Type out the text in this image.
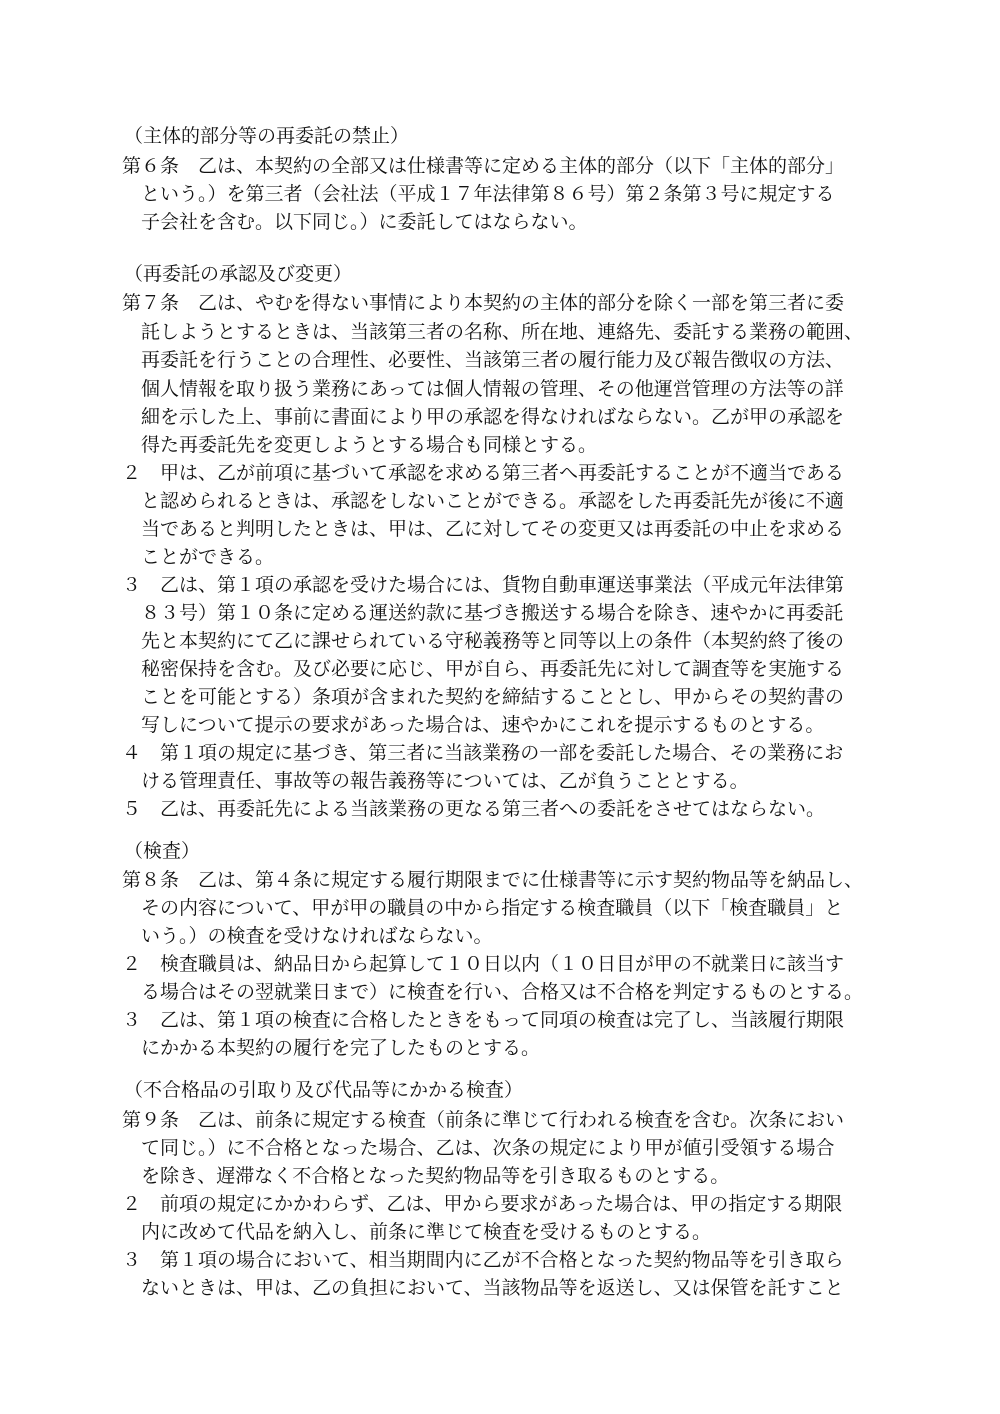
（主体的部分等の再委託の禁止）
第６条　乙は、本契約の全部又は仕様書等に定める主体的部分（以下「主体的部分」
という。）を第三者（会社法（平成１７年法律第８６号）第２条第３号に規定する
子会社を含む。以下同じ。）に委託してはならない。
（再委託の承認及び変更）
第７条　乙は、やむを得ない事情により本契約の主体的部分を除く一部を第三者に委
託しようとするときは、当該第三者の名称、所在地、連絡先、委託する業務の範囲、
再委託を行うことの合理性、必要性、当該第三者の履行能力及び報告徴収の方法、
個人情報を取り扱う業務にあっては個人情報の管理、その他運営管理の方法等の詳
細を示した上、事前に書面により甲の承認を得なければならない。乙が甲の承認を
得た再委託先を変更しようとする場合も同様とする。
２　甲は、乙が前項に基づいて承認を求める第三者へ再委託することが不適当である
と認められるときは、承認をしないことができる。承認をした再委託先が後に不適
当であると判明したときは、甲は、乙に対してその変更又は再委託の中止を求める
ことができる。
３　乙は、第１項の承認を受けた場合には、貨物自動車運送事業法（平成元年法律第
８３号）第１０条に定める運送約款に基づき搬送する場合を除き、速やかに再委託
先と本契約にて乙に課せられている守秘義務等と同等以上の条件（本契約終了後の
秘密保持を含む。及び必要に応じ、甲が自ら、再委託先に対して調査等を実施する
ことを可能とする）条項が含まれた契約を締結することとし、甲からその契約書の
写しについて提示の要求があった場合は、速やかにこれを提示するものとする。
４　第１項の規定に基づき、第三者に当該業務の一部を委託した場合、その業務にお
ける管理責任、事故等の報告義務等については、乙が負うこととする。
５　乙は、再委託先による当該業務の更なる第三者への委託をさせてはならない。
（検査）
第８条　乙は、第４条に規定する履行期限までに仕様書等に示す契約物品等を納品し、
その内容について、甲が甲の職員の中から指定する検査職員（以下「検査職員」と
いう。）の検査を受けなければならない。
２　検査職員は、納品日から起算して１０日以内（１０日目が甲の不就業日に該当す
る場合はその翌就業日まで）に検査を行い、合格又は不合格を判定するものとする。
３　乙は、第１項の検査に合格したときをもって同項の検査は完了し、当該履行期限
にかかる本契約の履行を完了したものとする。
（不合格品の引取り及び代品等にかかる検査）
第９条　乙は、前条に規定する検査（前条に準じて行われる検査を含む。次条におい
て同じ。）に不合格となった場合、乙は、次条の規定により甲が値引受領する場合
を除き、遅滞なく不合格となった契約物品等を引き取るものとする。
２　前項の規定にかかわらず、乙は、甲から要求があった場合は、甲の指定する期限
内に改めて代品を納入し、前条に準じて検査を受けるものとする。
３　第１項の場合において、相当期間内に乙が不合格となった契約物品等を引き取ら
ないときは、甲は、乙の負担において、当該物品等を返送し、又は保管を託すこと
